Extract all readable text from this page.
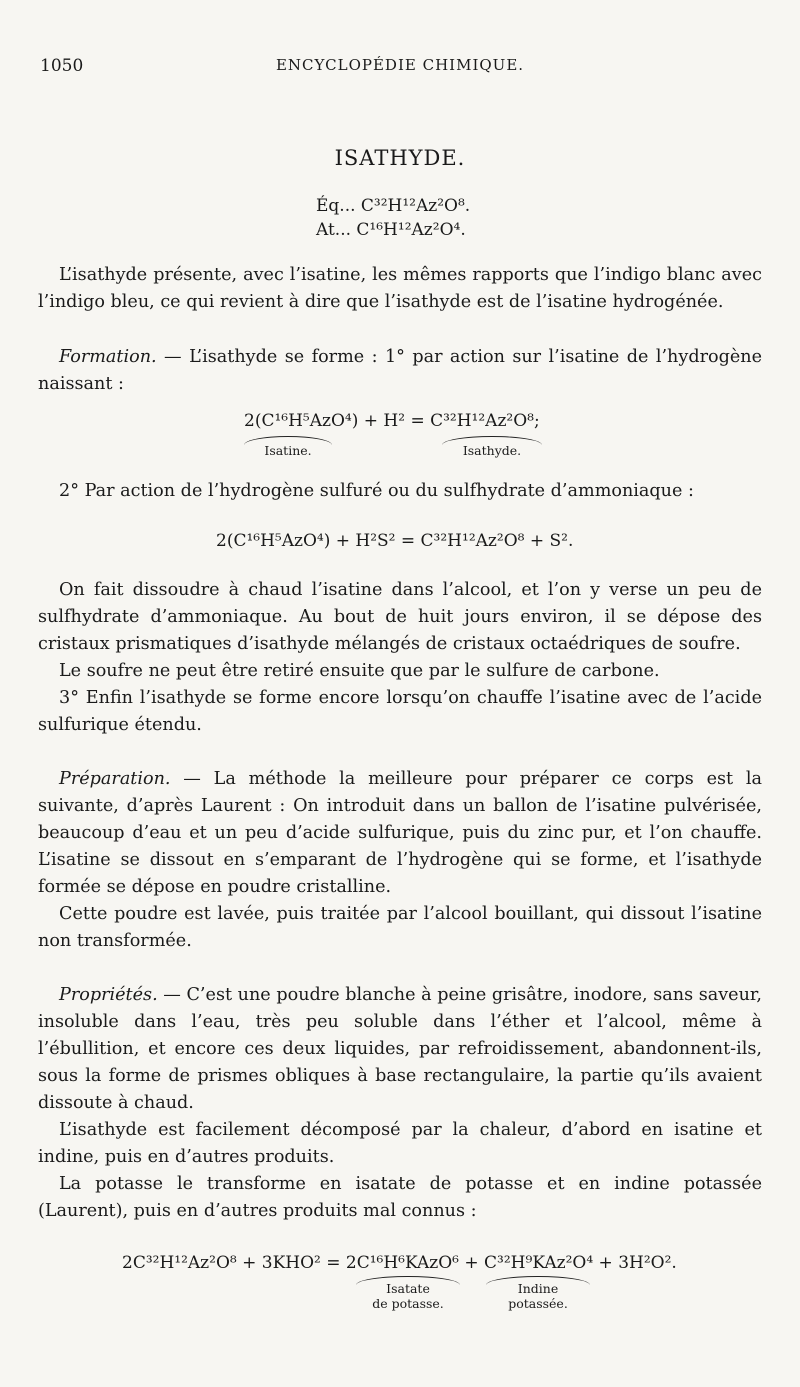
1050	ENCYCLOPÉDIE CHIMIQUE.
ISATHYDE.
Éq... C³²H¹²Az²O⁸.
At... C¹⁶H¹²Az²O⁴.

L’isathyde présente, avec l’isatine, les mêmes rapports que l’indigo blanc avec l’indigo bleu, ce qui revient à dire que l’isathyde est de l’isatine hydrogénée.

Formation. — L’isathyde se forme : 1° par action sur l’isatine de l’hydrogène naissant :

2(C¹⁶H⁵AzO⁴) + H² = C³²H¹²Az²O⁸;
Isatine.	Isathyde.

2° Par action de l’hydrogène sulfuré ou du sulfhydrate d’ammoniaque :

2(C¹⁶H⁵AzO⁴) + H²S² = C³²H¹²Az²O⁸ + S².

On fait dissoudre à chaud l’isatine dans l’alcool, et l’on y verse un peu de sulfhydrate d’ammoniaque. Au bout de huit jours environ, il se dépose des cristaux prismatiques d’isathyde mélangés de cristaux octaédriques de soufre.

Le soufre ne peut être retiré ensuite que par le sulfure de carbone.

3° Enfin l’isathyde se forme encore lorsqu’on chauffe l’isatine avec de l’acide sulfurique étendu.

Préparation. — La méthode la meilleure pour préparer ce corps est la suivante, d’après Laurent : On introduit dans un ballon de l’isatine pulvérisée, beaucoup d’eau et un peu d’acide sulfurique, puis du zinc pur, et l’on chauffe. L’isatine se dissout en s’emparant de l’hydrogène qui se forme, et l’isathyde formée se dépose en poudre cristalline.

Cette poudre est lavée, puis traitée par l’alcool bouillant, qui dissout l’isatine non transformée.

Propriétés. — C’est une poudre blanche à peine grisâtre, inodore, sans saveur, insoluble dans l’eau, très peu soluble dans l’éther et l’alcool, même à l’ébullition, et encore ces deux liquides, par refroidissement, abandonnent-ils, sous la forme de prismes obliques à base rectangulaire, la partie qu’ils avaient dissoute à chaud.

L’isathyde est facilement décomposé par la chaleur, d’abord en isatine et indine, puis en d’autres produits.

La potasse le transforme en isatate de potasse et en indine potassée (Laurent), puis en d’autres produits mal connus :

2C³²H¹²Az²O⁸ + 3KHO² = 2C¹⁶H⁶KAzO⁶ + C³²H⁹KAz²O⁴ + 3H²O².
Isatate
de potasse.
Indine
potassée.
